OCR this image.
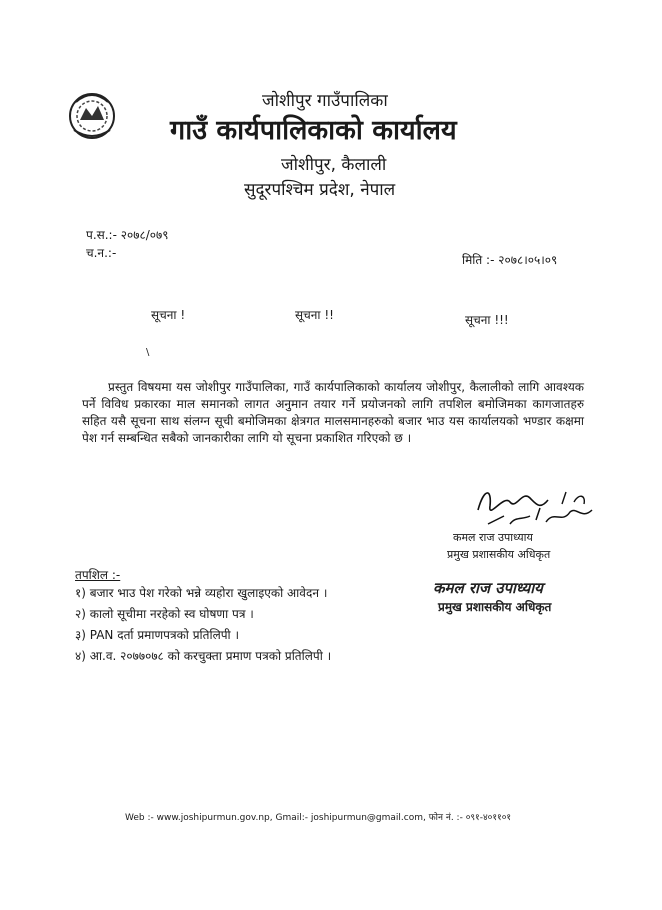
जोशीपुर गाउँपालिका
गाउँ कार्यपालिकाको कार्यालय
जोशीपुर, कैलाली
सुदूरपश्चिम प्रदेश, नेपाल
प.स.:- २०७८/०७९
च.न.:-	मिति :- २०७८।०५।०९
सूचना !	सूचना !!	सूचना !!!
\
प्रस्तुत विषयमा यस जोशीपुर गाउँपालिका, गाउँ कार्यपालिकाको कार्यालय जोशीपुर, कैलालीको लागि आवश्यक पर्ने विविध प्रकारका माल समानको लागत अनुमान तयार गर्ने प्रयोजनको लागि तपशिल बमोजिमका कागजातहरु सहित यसै सूचना साथ संलग्न सूची बमोजिमका क्षेत्रगत मालसमानहरुको बजार भाउ यस कार्यालयको भण्डार कक्षमा पेश गर्न सम्बन्धित सबैको जानकारीका लागि यो सूचना प्रकाशित गरिएको छ ।
कमल राज उपाध्याय
प्रमुख प्रशासकीय अधिकृत
कमल राज उपाध्याय
प्रमुख प्रशासकीय अधिकृत
तपशिल :-
१) बजार भाउ पेश गरेको भन्ने व्यहोरा खुलाइएको आवेदन ।
२) कालो सूचीमा नरहेको स्व घोषणा पत्र ।
३) PAN दर्ता प्रमाणपत्रको प्रतिलिपी ।
४) आ.व. २०७७०७८ को करचुक्ता प्रमाण पत्रको प्रतिलिपी ।
Web :- www.joshipurmun.gov.np, Gmail:- joshipurmun@gmail.com, फोन नं. :- ०९१-४०११०१
